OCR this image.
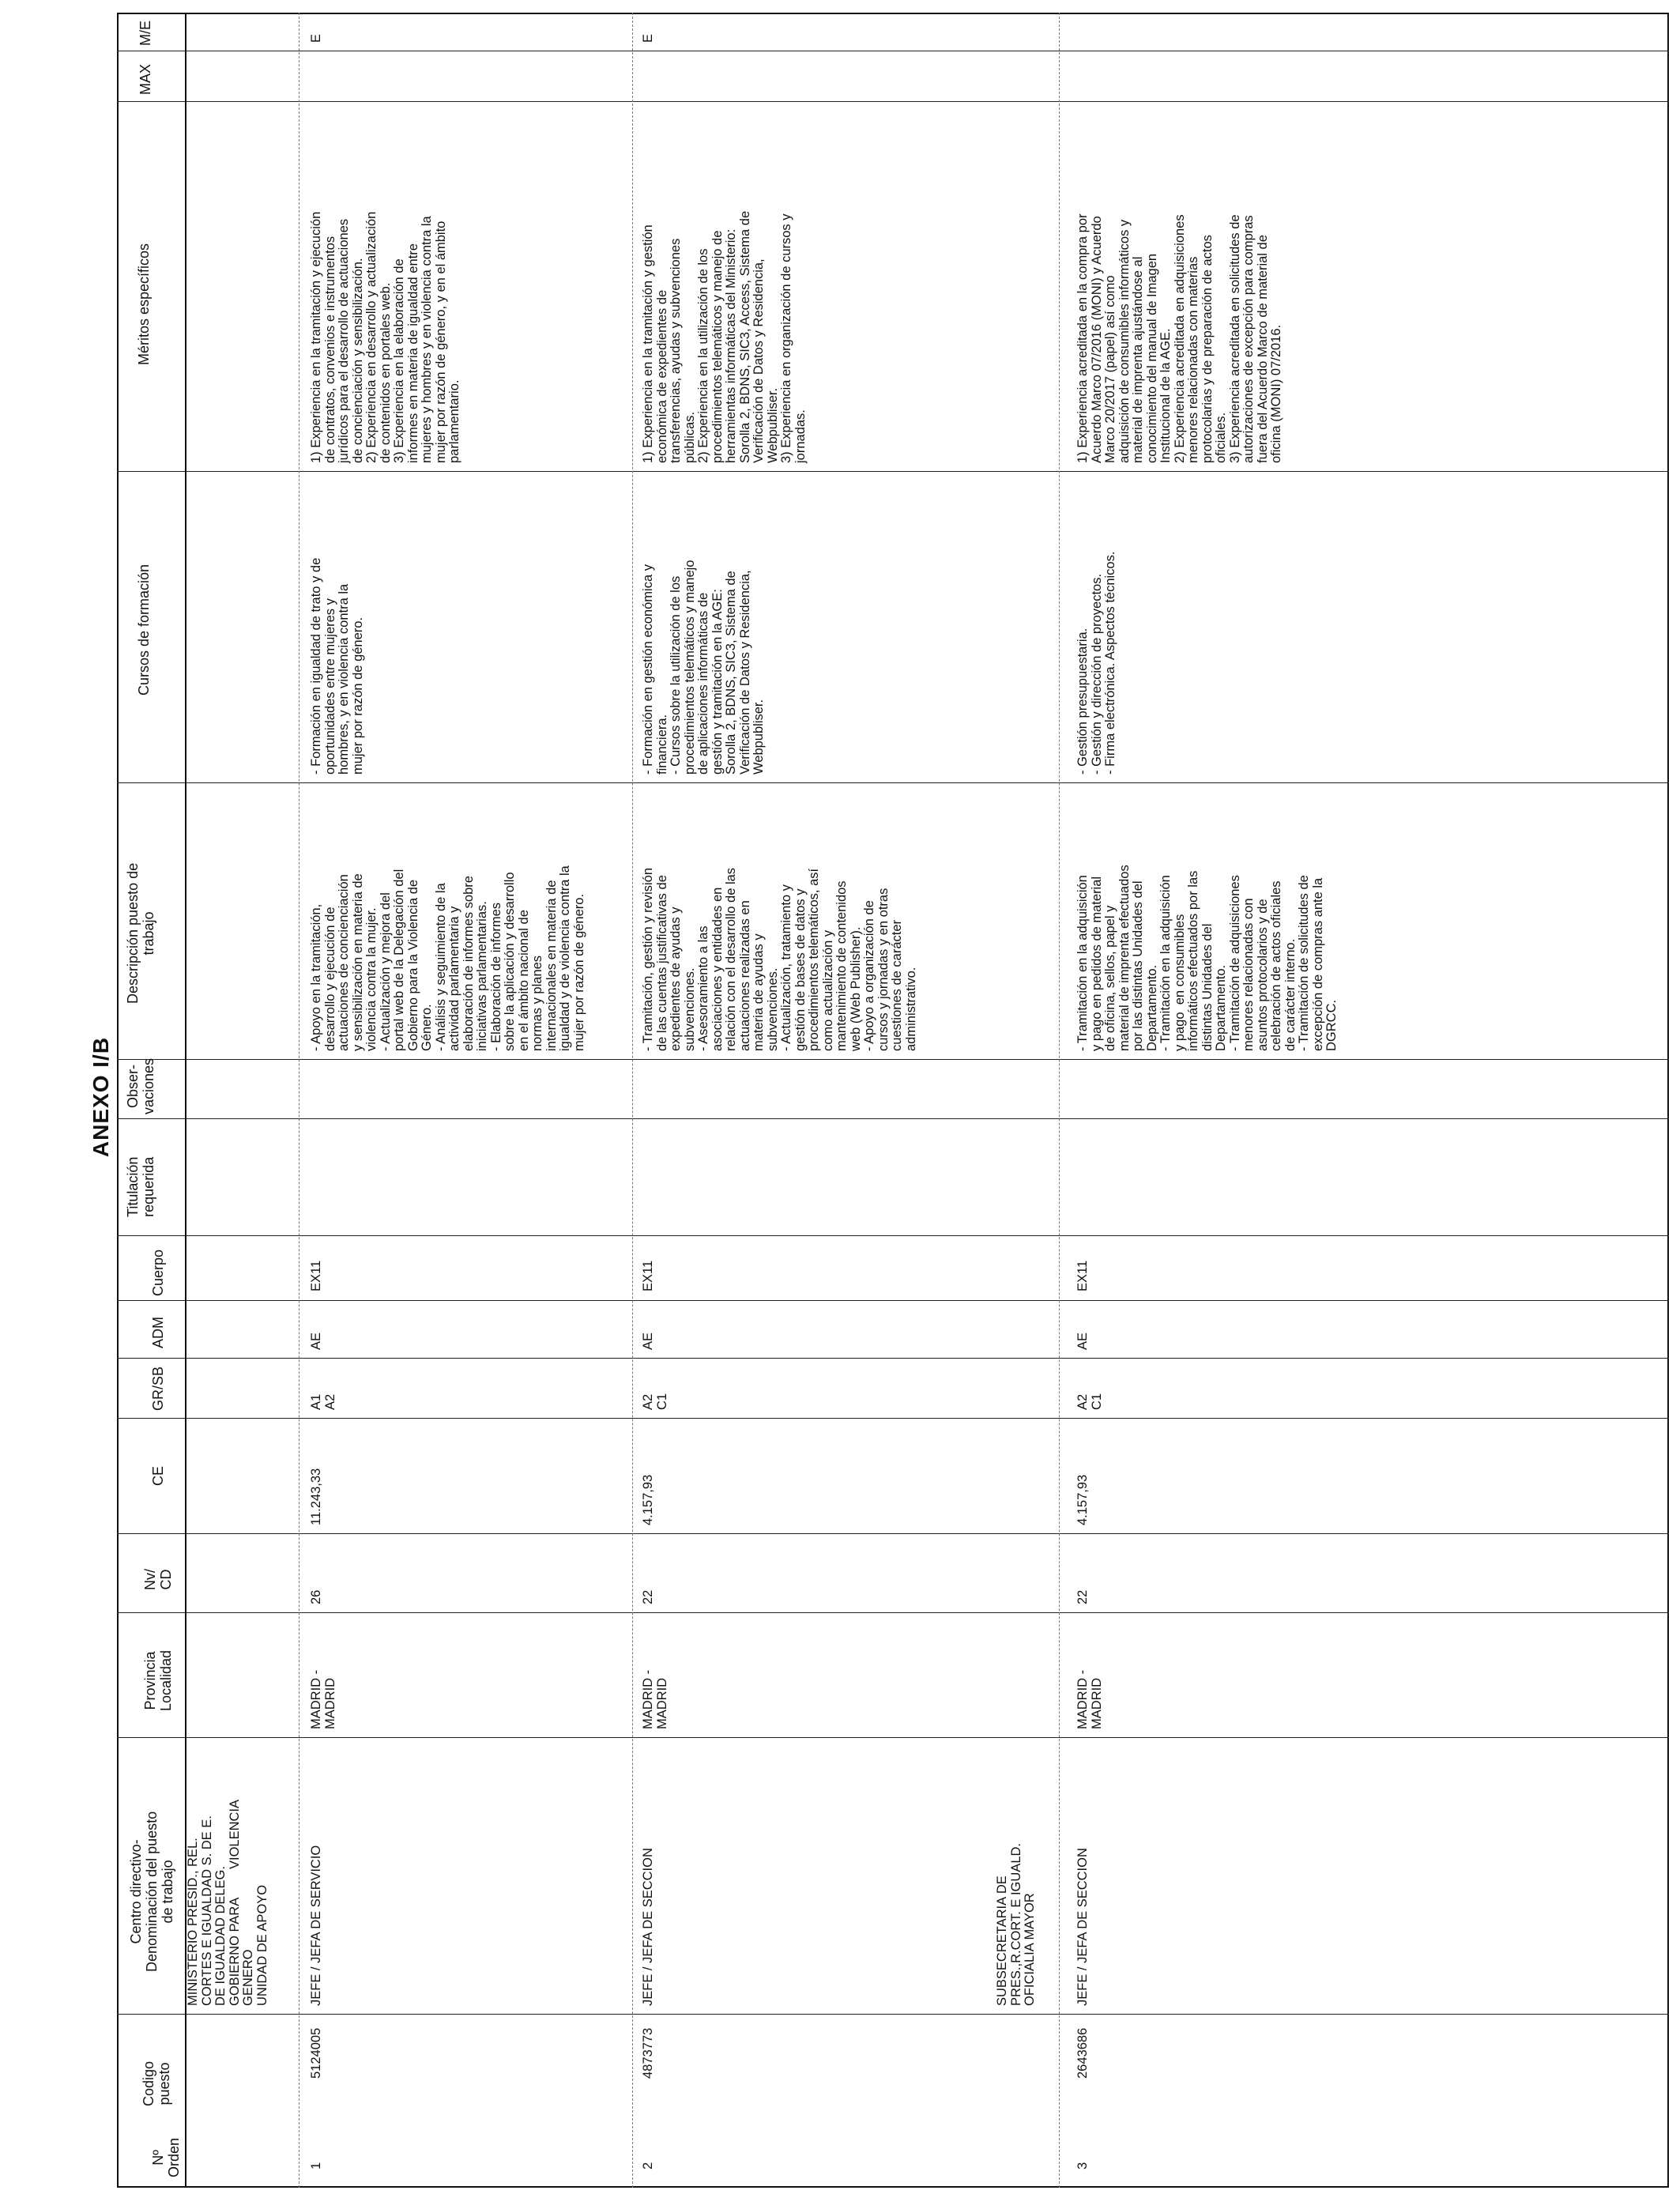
ANEXO I/B
Nº
Orden
Codigo
puesto
Centro directivo-
Denominación del puesto
de trabajo
Provincia
Localidad
Nv/
CD
CE
GR/SB
ADM
Cuerpo
Titulación
requerida
Obser-
vaciones
Descripción puesto de
trabajo
Cursos de formación
Méritos específicos
MAX
M/E
MINISTERIO PRESID., REL.
CORTES E IGUALDAD S. DE E.
DE IGUALDAD DELEG.
GOBIERNO PARA        VIOLENCIA
GENERO
UNIDAD DE APOYO	SUBSECRETARIA DE
PRES.,R.CORT. E IGUALD.
OFICIALIA MAYOR
1
5124005
JEFE / JEFA DE SERVICIO
MADRID -
MADRID
26
11.243,33
A1
A2
AE
EX11
- Apoyo en la tramitación,
desarrollo y ejecución de
actuaciones de concienciación
y sensibilización en materia de
violencia contra la mujer.
- Actualización y mejora del
portal web de la Delegación del
Gobierno para la Violencia de
Género.
- Análisis y seguimiento de la
actividad parlamentaria y
elaboración de informes sobre
iniciativas parlamentarias.
- Elaboración de informes
sobre la aplicación y desarrollo
en el ámbito nacional de
normas y planes
internacionales en materia de
igualdad y de violencia contra la
mujer por razón de género.
- Formación en igualdad de trato y de
oportunidades entre mujeres y
hombres, y en violencia contra la
mujer por razón de género.
1) Experiencia en la tramitación y ejecución
de contratos, convenios e instrumentos
jurídicos para el desarrollo de actuaciones
de concienciación y sensibilización.
2) Experiencia en desarrollo y actualización
de contenidos en portales web.
3) Experiencia en la elaboración de
informes en materia de igualdad entre
mujeres y hombres y en violencia contra la
mujer por razón de género, y en el ámbito
parlamentario.
E
2
4873773
JEFE / JEFA DE SECCION
MADRID -
MADRID
22
4.157,93
A2
C1
AE
EX11
- Tramitación, gestión y revisión
de las cuentas justificativas de
expedientes de ayudas y
subvenciones.
- Asesoramiento a las
asociaciones y entidades en
relación con el desarrollo de las
actuaciones realizadas en
materia de ayudas y
subvenciones.
- Actualización, tratamiento y
gestión de bases de datos y
procedimientos telemáticos, así
como actualización y
mantenimiento de contenidos
web (Web Publisher).
- Apoyo a organización de
cursos y jornadas y en otras
cuestiones de carácter
administrativo.
- Formación en gestión económica y
financiera.
- Cursos sobre la utilización de los
procedimientos telemáticos y manejo
de aplicaciones informáticas de
gestión y tramitación en la AGE:
Sorolla 2, BDNS, SIC3, Sistema de
Verificación de Datos y Residencia,
Webpubliser.
1) Experiencia en la tramitación y gestión
económica de expedientes de
transferencias, ayudas y subvenciones
públicas.
2) Experiencia en la utilización de los
procedimientos telemáticos y manejo de
herramientas informáticas del Ministerio:
Sorolla 2, BDNS, SIC3, Access, Sistema de
Verificación de Datos y Residencia,
Webpubliser.
3) Experiencia en organización de cursos y
jornadas.
E
3
2643686
JEFE / JEFA DE SECCION
MADRID -
MADRID
22
4.157,93
A2
C1
AE
EX11
- Tramitación en la adquisición
y pago en pedidos de material
de oficina, sellos, papel y
material de imprenta efectuados
por las distintas Unidades del
Departamento.
- Tramitación en la adquisición
y pago  en consumibles
informáticos efectuados por las
distintas Unidades del
Departamento.
- Tramitación de adquisiciones
menores relacionadas con
asuntos protocolarios y de
celebración de actos oficiales
de carácter interno.
- Tramitación de solicitudes de
excepción de compras ante la
DGRCC.
- Gestión presupuestaria.
- Gestión y dirección de proyectos.
- Firma electrónica. Aspectos técnicos.
1) Experiencia acreditada en la compra por
Acuerdo Marco 07/2016 (MONI) y Acuerdo
Marco 20/2017 (papel) así como
adquisición de consumibles informáticos y
material de imprenta ajustándose al
conocimiento del manual de Imagen
Institucional de la AGE.
2) Experiencia acreditada en adquisiciones
menores relacionadas con materias
protocolarias y de preparación de actos
oficiales.
3) Experiencia acreditada en solicitudes de
autorizaciones de excepción para compras
fuera del Acuerdo Marco de material de
oficina (MONI) 07/2016.
